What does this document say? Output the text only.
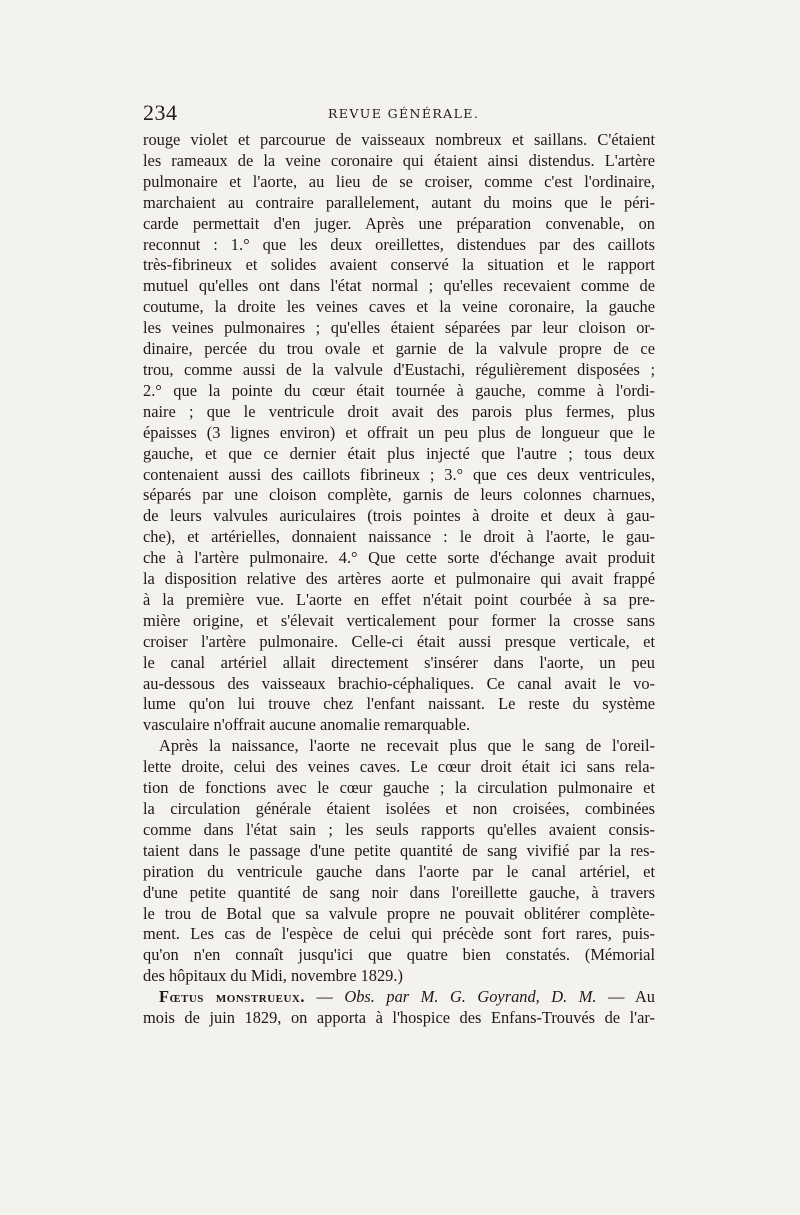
234	REVUE GÉNÉRALE.
rouge violet et parcourue de vaisseaux nombreux et saillans. C'étaient
les rameaux de la veine coronaire qui étaient ainsi distendus. L'artère
pulmonaire et l'aorte, au lieu de se croiser, comme c'est l'ordinaire,
marchaient au contraire parallelement, autant du moins que le péri-
carde permettait d'en juger. Après une préparation convenable, on
reconnut : 1.° que les deux oreillettes, distendues par des caillots
très-fibrineux et solides avaient conservé la situation et le rapport
mutuel qu'elles ont dans l'état normal ; qu'elles recevaient comme de
coutume, la droite les veines caves et la veine coronaire, la gauche
les veines pulmonaires ; qu'elles étaient séparées par leur cloison or-
dinaire, percée du trou ovale et garnie de la valvule propre de ce
trou, comme aussi de la valvule d'Eustachi, régulièrement disposées ;
2.° que la pointe du cœur était tournée à gauche, comme à l'ordi-
naire ; que le ventricule droit avait des parois plus fermes, plus
épaisses (3 lignes environ) et offrait un peu plus de longueur que le
gauche, et que ce dernier était plus injecté que l'autre ; tous deux
contenaient aussi des caillots fibrineux ; 3.° que ces deux ventricules,
séparés par une cloison complète, garnis de leurs colonnes charnues,
de leurs valvules auriculaires (trois pointes à droite et deux à gau-
che), et artérielles, donnaient naissance : le droit à l'aorte, le gau-
che à l'artère pulmonaire. 4.° Que cette sorte d'échange avait produit
la disposition relative des artères aorte et pulmonaire qui avait frappé
à la première vue. L'aorte en effet n'était point courbée à sa pre-
mière origine, et s'élevait verticalement pour former la crosse sans
croiser l'artère pulmonaire. Celle-ci était aussi presque verticale, et
le canal artériel allait directement s'insérer dans l'aorte, un peu
au-dessous des vaisseaux brachio-céphaliques. Ce canal avait le vo-
lume qu'on lui trouve chez l'enfant naissant. Le reste du système
vasculaire n'offrait aucune anomalie remarquable.
Après la naissance, l'aorte ne recevait plus que le sang de l'oreil-
lette droite, celui des veines caves. Le cœur droit était ici sans rela-
tion de fonctions avec le cœur gauche ; la circulation pulmonaire et
la circulation générale étaient isolées et non croisées, combinées
comme dans l'état sain ; les seuls rapports qu'elles avaient consis-
taient dans le passage d'une petite quantité de sang vivifié par la res-
piration du ventricule gauche dans l'aorte par le canal artériel, et
d'une petite quantité de sang noir dans l'oreillette gauche, à travers
le trou de Botal que sa valvule propre ne pouvait oblitérer complète-
ment. Les cas de l'espèce de celui qui précède sont fort rares, puis-
qu'on n'en connaît jusqu'ici que quatre bien constatés. (Mémorial
des hôpitaux du Midi, novembre 1829.)
Fœtus monstrueux. — Obs. par M. G. Goyrand, D. M. — Au
mois de juin 1829, on apporta à l'hospice des Enfans-Trouvés de l'ar-
